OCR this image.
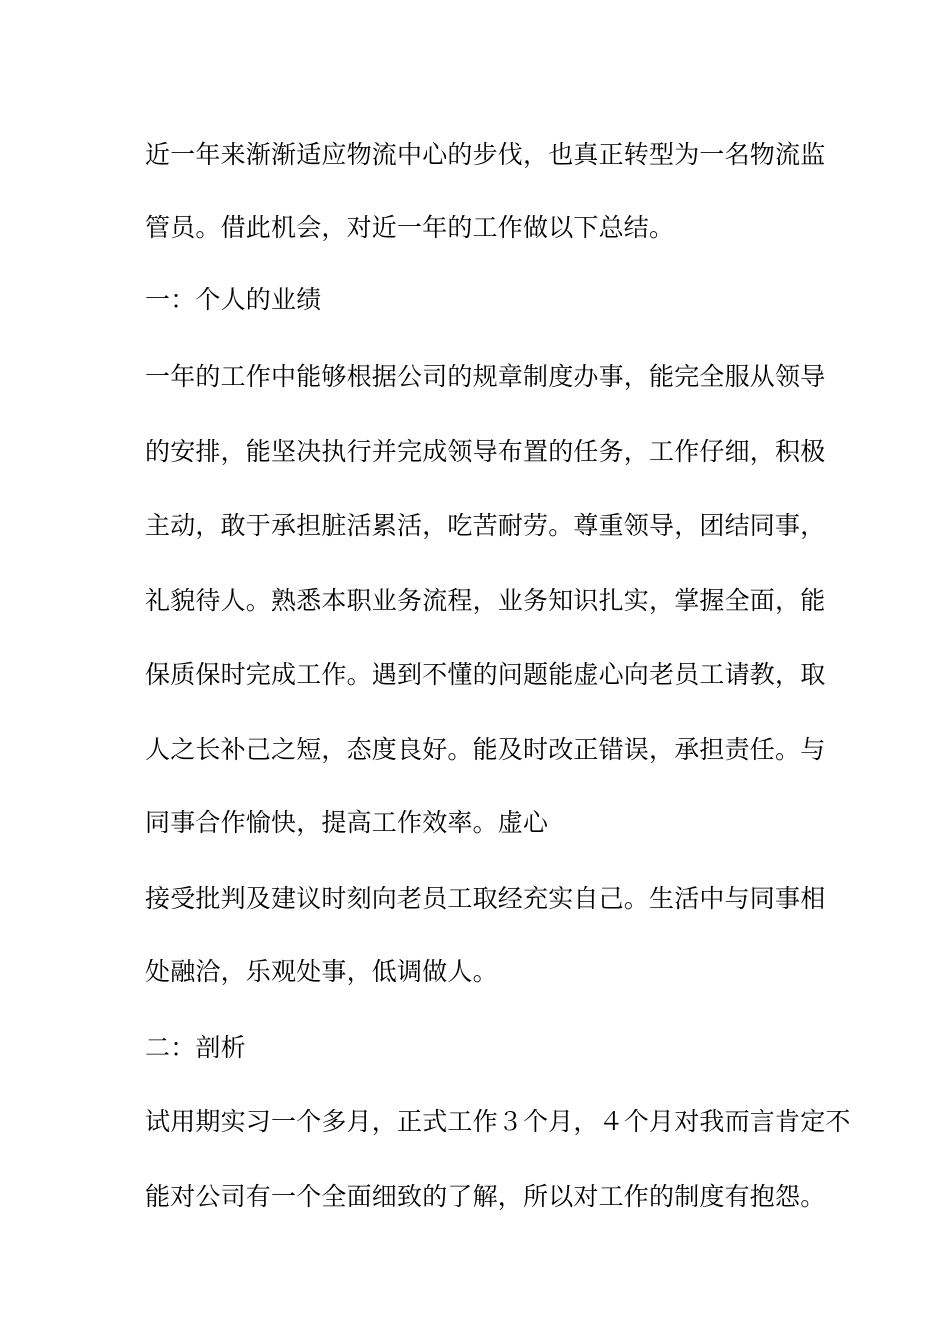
近一年来渐渐适应物流中心的步伐，也真正转型为一名物流监
管员。借此机会，对近一年的工作做以下总结。
一：个人的业绩
一年的工作中能够根据公司的规章制度办事，能完全服从领导
的安排，能坚决执行并完成领导布置的任务，工作仔细，积极
主动，敢于承担脏活累活，吃苦耐劳。尊重领导，团结同事，
礼貌待人。熟悉本职业务流程，业务知识扎实，掌握全面，能
保质保时完成工作。遇到不懂的问题能虚心向老员工请教，取
人之长补己之短，态度良好。能及时改正错误，承担责任。与
同事合作愉快，提高工作效率。虚心
接受批判及建议时刻向老员工取经充实自己。生活中与同事相
处融洽，乐观处事，低调做人。
二：剖析
试用期实习一个多月，正式工作３个月，４个月对我而言肯定不
能对公司有一个全面细致的了解，所以对工作的制度有抱怨。
